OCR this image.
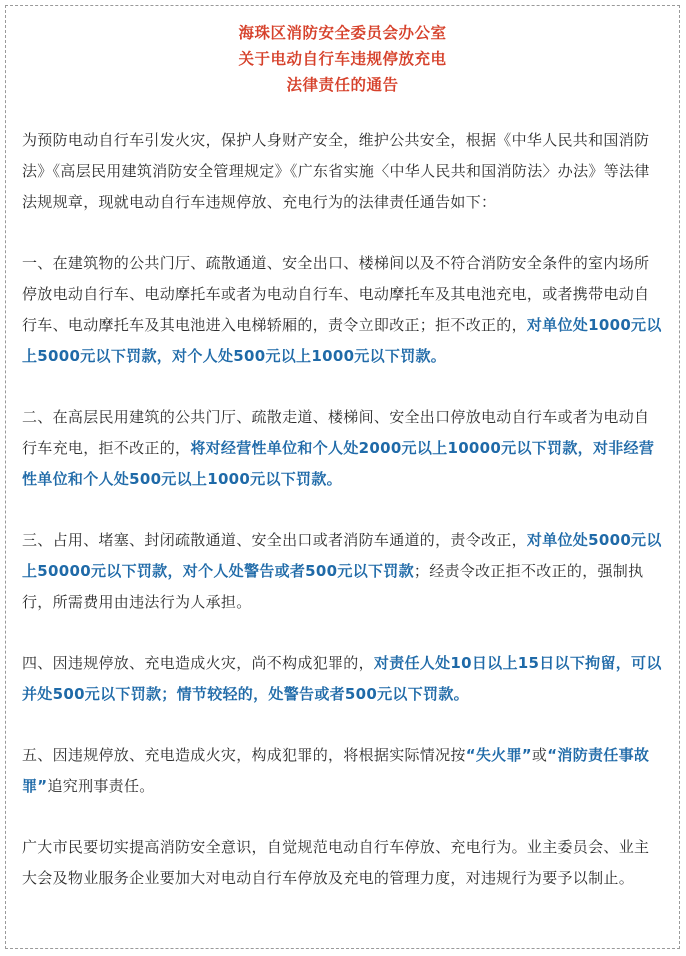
海珠区消防安全委员会办公室

关于电动自行车违规停放充电

法律责任的通告

为预防电动自行车引发火灾，保护人身财产安全，维护公共安全，根据《中华人民共和国消防法》《高层民用建筑消防安全管理规定》《广东省实施〈中华人民共和国消防法〉办法》等法律法规规章，现就电动自行车违规停放、充电行为的法律责任通告如下：

一、在建筑物的公共门厅、疏散通道、安全出口、楼梯间以及不符合消防安全条件的室内场所停放电动自行车、电动摩托车或者为电动自行车、电动摩托车及其电池充电，或者携带电动自行车、电动摩托车及其电池进入电梯轿厢的，责令立即改正；拒不改正的，对单位处1000元以上5000元以下罚款，对个人处500元以上1000元以下罚款。

二、在高层民用建筑的公共门厅、疏散走道、楼梯间、安全出口停放电动自行车或者为电动自行车充电，拒不改正的，将对经营性单位和个人处2000元以上10000元以下罚款，对非经营性单位和个人处500元以上1000元以下罚款。

三、占用、堵塞、封闭疏散通道、安全出口或者消防车通道的，责令改正，对单位处5000元以上50000元以下罚款，对个人处警告或者500元以下罚款；经责令改正拒不改正的，强制执行，所需费用由违法行为人承担。

四、因违规停放、充电造成火灾，尚不构成犯罪的，对责任人处10日以上15日以下拘留，可以并处500元以下罚款；情节较轻的，处警告或者500元以下罚款。

五、因违规停放、充电造成火灾，构成犯罪的，将根据实际情况按“失火罪”或“消防责任事故罪”追究刑事责任。

广大市民要切实提高消防安全意识，自觉规范电动自行车停放、充电行为。业主委员会、业主大会及物业服务企业要加大对电动自行车停放及充电的管理力度，对违规行为要予以制止。
